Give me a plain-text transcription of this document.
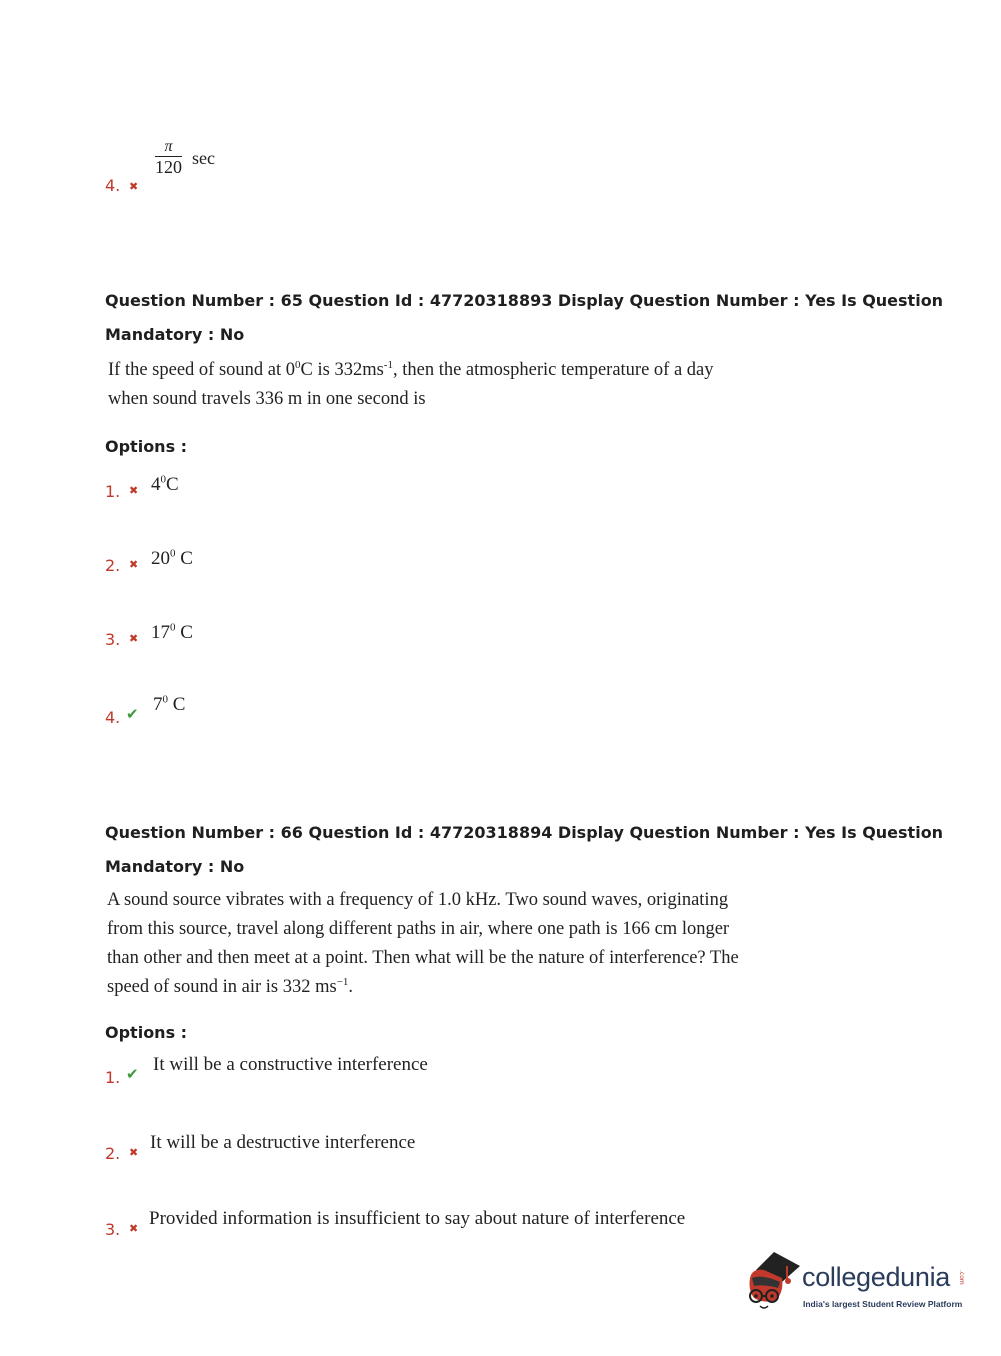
4. ✖
$\frac{\pi}{120}$ sec
Question Number : 65 Question Id : 47720318893 Display Question Number : Yes Is Question
Mandatory : No
If the speed of sound at $0^0C$ is $332ms^{-1}$, then the atmospheric temperature of a day
when sound travels 336 m in one second is
Options :
1. ✖ $4^0C$
2. ✖ $20^0$ C
3. ✖ $17^0$ C
4. ✔ $7^0$ C
Question Number : 66 Question Id : 47720318894 Display Question Number : Yes Is Question
Mandatory : No
A sound source vibrates with a frequency of 1.0 kHz. Two sound waves, originating
from this source, travel along different paths in air, where one path is 166 cm longer
than other and then meet at a point. Then what will be the nature of interference? The
speed of sound in air is 332 $ms^{-1}$.
Options :
1. ✔ It will be a constructive interference
2. ✖ It will be a destructive interference
3. ✖ Provided information is insufficient to say about nature of interference
collegedunia .com
India's largest Student Review Platform
